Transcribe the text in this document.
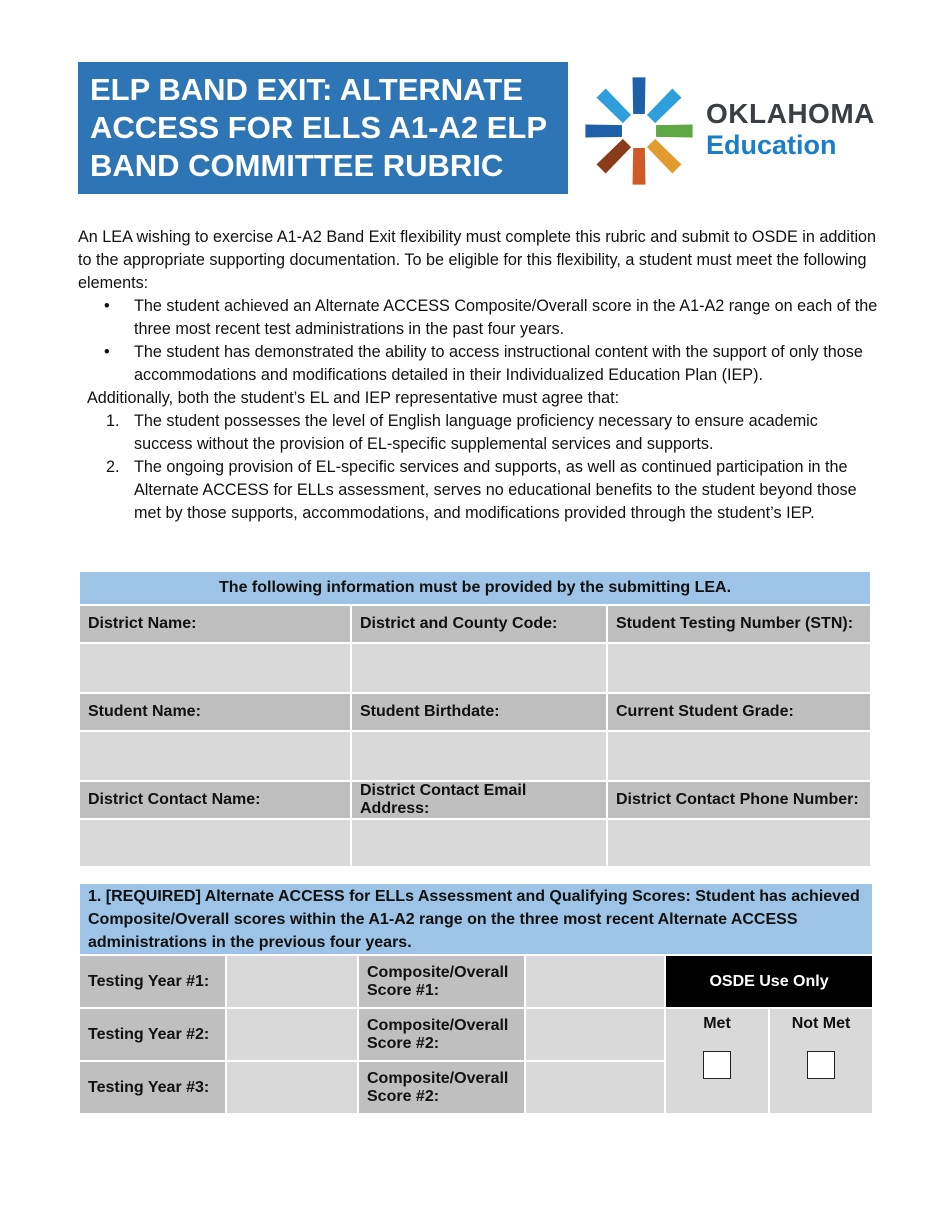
ELP BAND EXIT: ALTERNATE
ACCESS FOR ELLS A1-A2 ELP
BAND COMMITTEE RUBRIC
OKLAHOMA
Education

An LEA wishing to exercise A1-A2 Band Exit flexibility must complete this rubric and submit to OSDE in addition to the appropriate supporting documentation. To be eligible for this flexibility, a student must meet the following elements:

• The student achieved an Alternate ACCESS Composite/Overall score in the A1-A2 range on each of the three most recent test administrations in the past four years.
• The student has demonstrated the ability to access instructional content with the support of only those accommodations and modifications detailed in their Individualized Education Plan (IEP).

Additionally, both the student’s EL and IEP representative must agree that:

1. The student possesses the level of English language proficiency necessary to ensure academic success without the provision of EL-specific supplemental services and supports.
2. The ongoing provision of EL-specific services and supports, as well as continued participation in the Alternate ACCESS for ELLs assessment, serves no educational benefits to the student beyond those met by those supports, accommodations, and modifications provided through the student’s IEP.
The following information must be provided by the submitting LEA.		
District Name:	District and County Code:	Student Testing Number (STN):

Student Name:	Student Birthdate:	Current Student Grade:

District Contact Name:	District Contact Email Address:	District Contact Phone Number:

1. [REQUIRED] Alternate ACCESS for ELLs Assessment and Qualifying Scores: Student has achieved Composite/Overall scores within the A1-A2 range on the three most recent Alternate ACCESS administrations in the previous four years.					
Testing Year #1:		Composite/Overall Score #1:		OSDE Use Only	
Testing Year #2:		Composite/Overall Score #2:		Met	Not Met

Testing Year #3:		Composite/Overall Score #2:			
